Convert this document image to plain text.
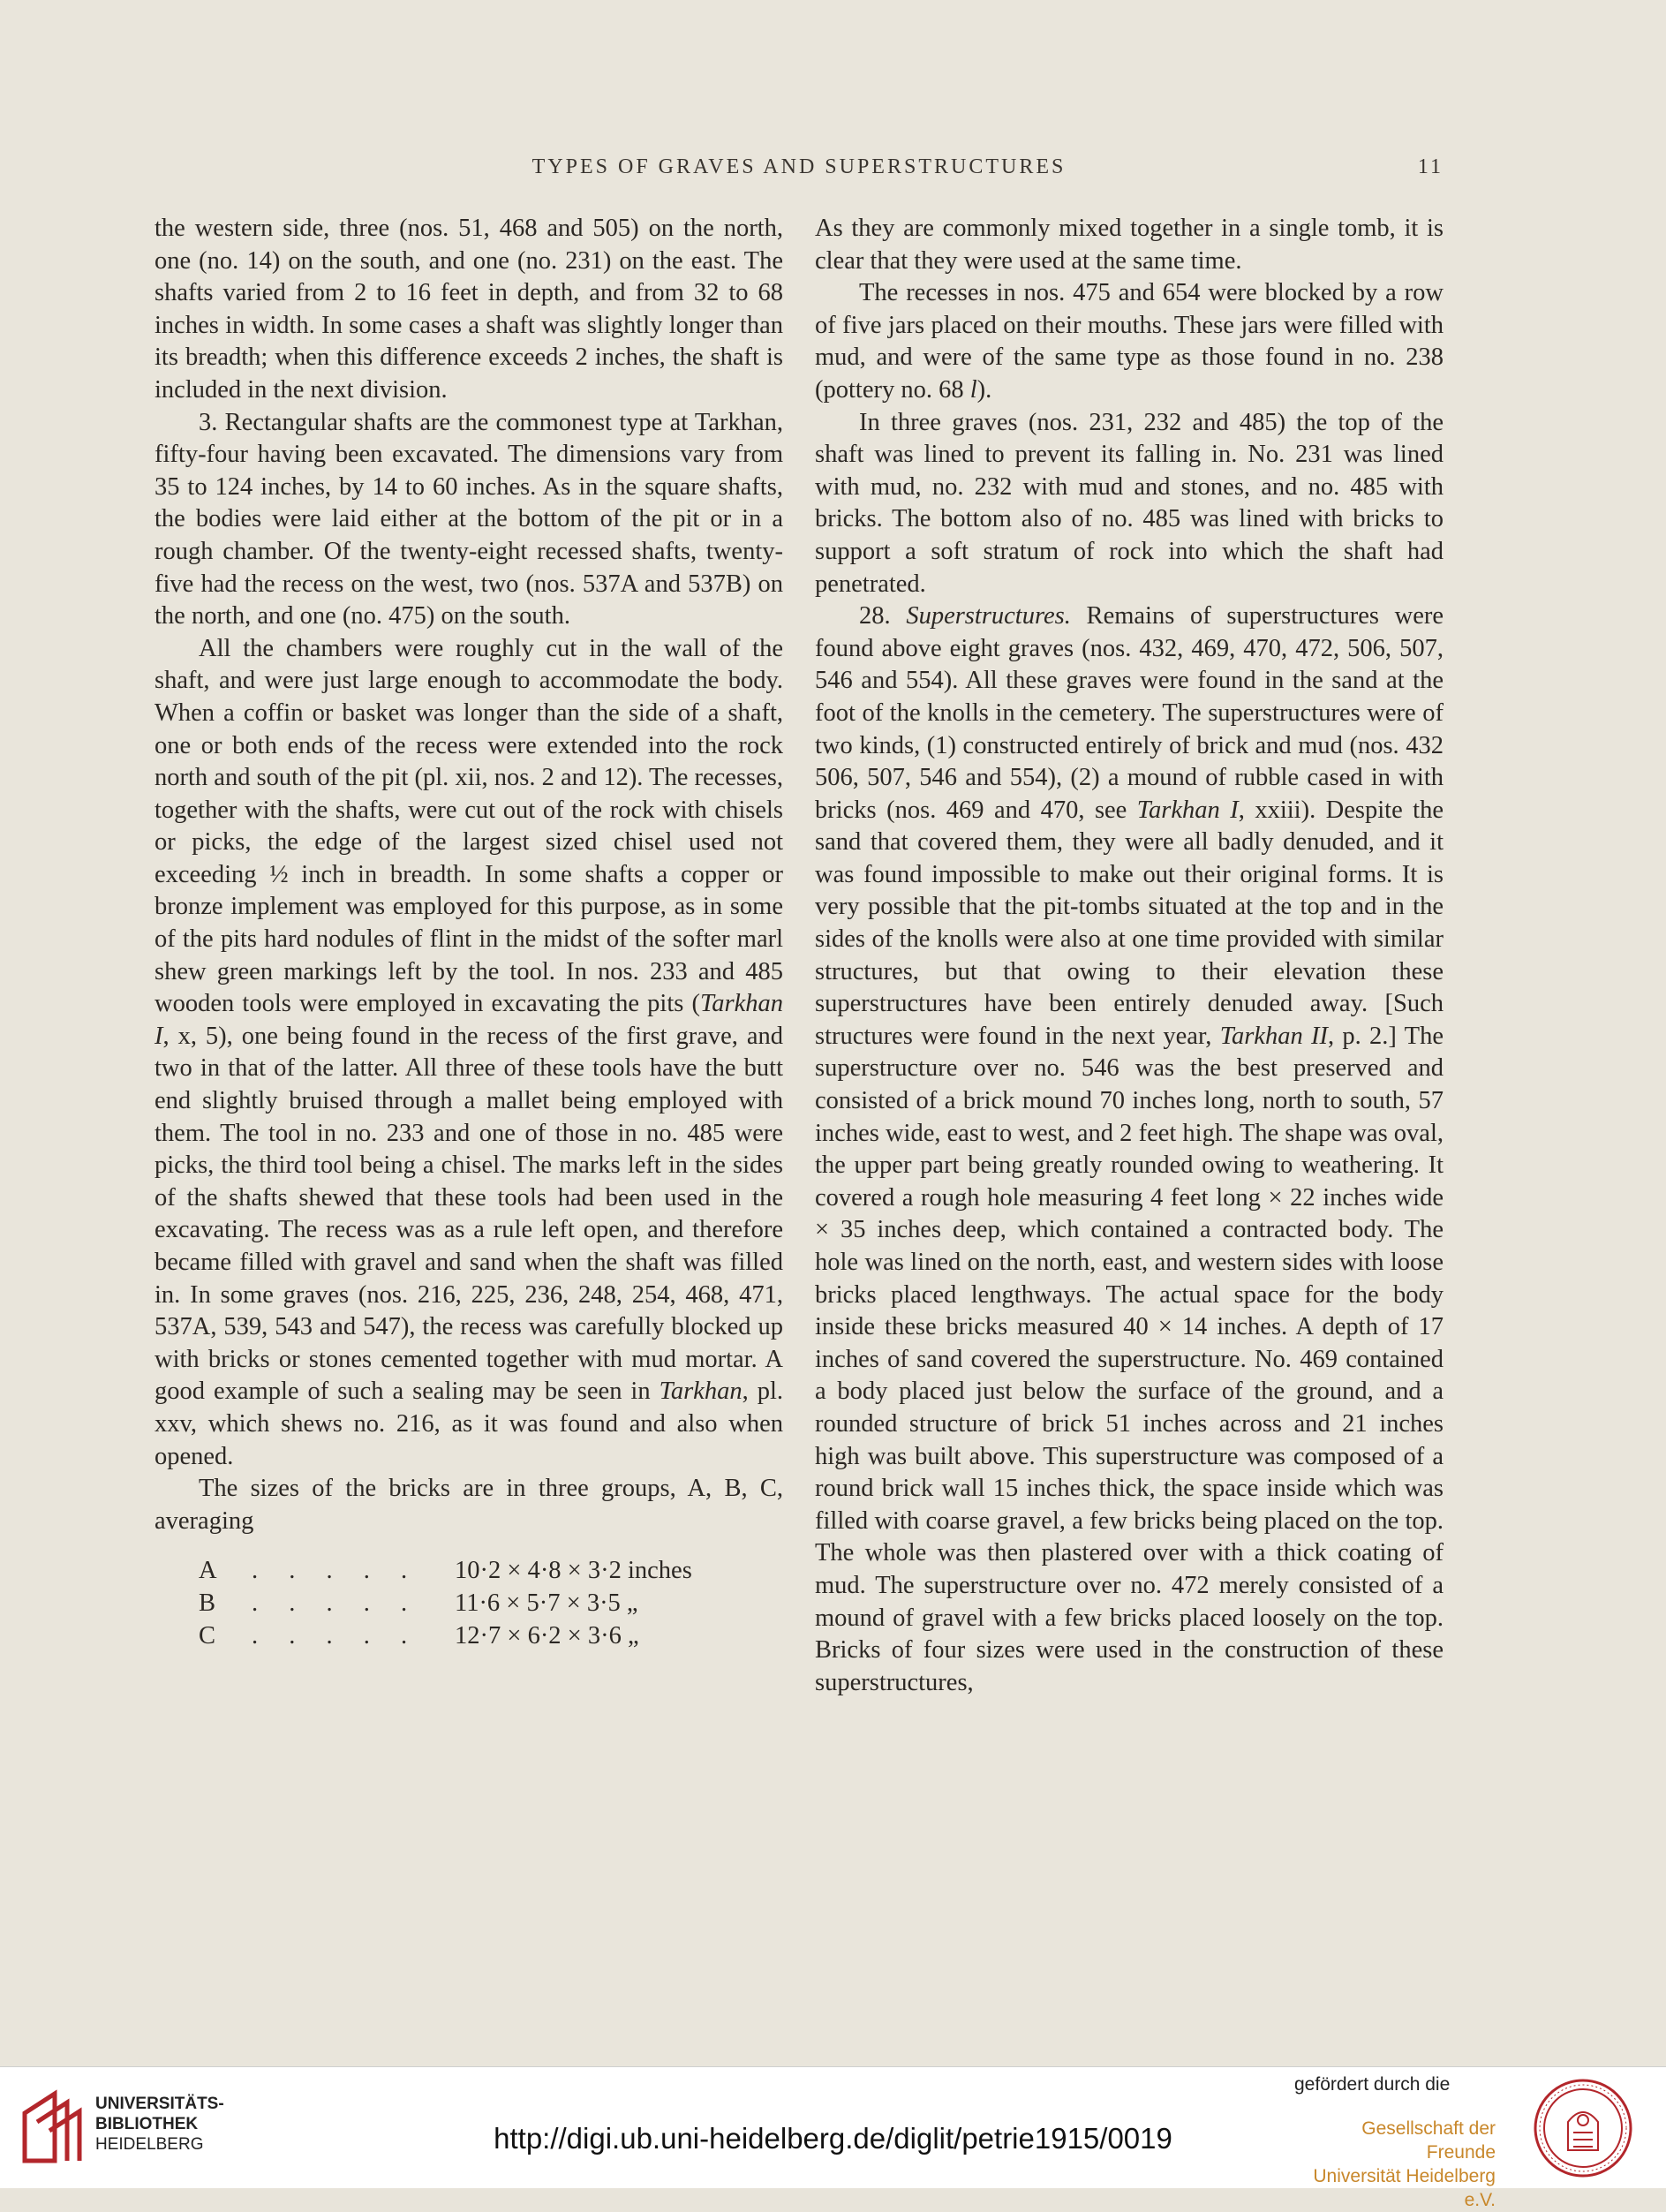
TYPES OF GRAVES AND SUPERSTRUCTURES	11

the western side, three (nos. 51, 468 and 505) on the north, one (no. 14) on the south, and one (no. 231) on the east. The shafts varied from 2 to 16 feet in depth, and from 32 to 68 inches in width. In some cases a shaft was slightly longer than its breadth; when this difference exceeds 2 inches, the shaft is included in the next division.

3. Rectangular shafts are the commonest type at Tarkhan, fifty-four having been excavated. The dimensions vary from 35 to 124 inches, by 14 to 60 inches. As in the square shafts, the bodies were laid either at the bottom of the pit or in a rough chamber. Of the twenty-eight recessed shafts, twenty-five had the recess on the west, two (nos. 537A and 537B) on the north, and one (no. 475) on the south.

All the chambers were roughly cut in the wall of the shaft, and were just large enough to accommodate the body. When a coffin or basket was longer than the side of a shaft, one or both ends of the recess were extended into the rock north and south of the pit (pl. xii, nos. 2 and 12). The recesses, together with the shafts, were cut out of the rock with chisels or picks, the edge of the largest sized chisel used not exceeding ½ inch in breadth. In some shafts a copper or bronze implement was employed for this purpose, as in some of the pits hard nodules of flint in the midst of the softer marl shew green markings left by the tool. In nos. 233 and 485 wooden tools were employed in excavating the pits (Tarkhan I, x, 5), one being found in the recess of the first grave, and two in that of the latter. All three of these tools have the butt end slightly bruised through a mallet being employed with them. The tool in no. 233 and one of those in no. 485 were picks, the third tool being a chisel. The marks left in the sides of the shafts shewed that these tools had been used in the excavating. The recess was as a rule left open, and therefore became filled with gravel and sand when the shaft was filled in. In some graves (nos. 216, 225, 236, 248, 254, 468, 471, 537A, 539, 543 and 547), the recess was carefully blocked up with bricks or stones cemented together with mud mortar. A good example of such a sealing may be seen in Tarkhan, pl. xxv, which shews no. 216, as it was found and also when opened.

The sizes of the bricks are in three groups, A, B, C, averaging

A	. . . . .	10·2 × 4·8 × 3·2 inches
B	. . . . .	11·6 × 5·7 × 3·5 „
C	. . . . .	12·7 × 6·2 × 3·6 „

As they are commonly mixed together in a single tomb, it is clear that they were used at the same time.

The recesses in nos. 475 and 654 were blocked by a row of five jars placed on their mouths. These jars were filled with mud, and were of the same type as those found in no. 238 (pottery no. 68 l).

In three graves (nos. 231, 232 and 485) the top of the shaft was lined to prevent its falling in. No. 231 was lined with mud, no. 232 with mud and stones, and no. 485 with bricks. The bottom also of no. 485 was lined with bricks to support a soft stratum of rock into which the shaft had penetrated.

28. Superstructures. Remains of superstructures were found above eight graves (nos. 432, 469, 470, 472, 506, 507, 546 and 554). All these graves were found in the sand at the foot of the knolls in the cemetery. The superstructures were of two kinds, (1) constructed entirely of brick and mud (nos. 432 506, 507, 546 and 554), (2) a mound of rubble cased in with bricks (nos. 469 and 470, see Tarkhan I, xxiii). Despite the sand that covered them, they were all badly denuded, and it was found impossible to make out their original forms. It is very possible that the pit-tombs situated at the top and in the sides of the knolls were also at one time provided with similar structures, but that owing to their elevation these superstructures have been entirely denuded away. [Such structures were found in the next year, Tarkhan II, p. 2.] The superstructure over no. 546 was the best preserved and consisted of a brick mound 70 inches long, north to south, 57 inches wide, east to west, and 2 feet high. The shape was oval, the upper part being greatly rounded owing to weathering. It covered a rough hole measuring 4 feet long × 22 inches wide × 35 inches deep, which contained a contracted body. The hole was lined on the north, east, and western sides with loose bricks placed lengthways. The actual space for the body inside these bricks measured 40 × 14 inches. A depth of 17 inches of sand covered the superstructure. No. 469 contained a body placed just below the surface of the ground, and a rounded structure of brick 51 inches across and 21 inches high was built above. This superstructure was composed of a round brick wall 15 inches thick, the space inside which was filled with coarse gravel, a few bricks being placed on the top. The whole was then plastered over with a thick coating of mud. The superstructure over no. 472 merely consisted of a mound of gravel with a few bricks placed loosely on the top. Bricks of four sizes were used in the construction of these superstructures,

UNIVERSITÄTS-
BIBLIOTHEK
HEIDELBERG	http://digi.ub.uni-heidelberg.de/diglit/petrie1915/0019
gefördert durch die
Gesellschaft der Freunde
Universität Heidelberg e.V.
